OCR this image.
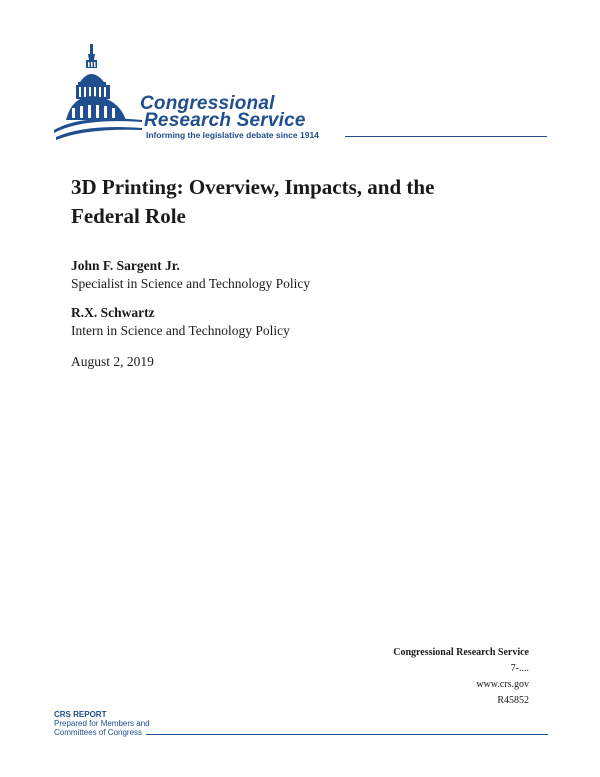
Congressional
Research Service
Informing the legislative debate since 1914
3D Printing: Overview, Impacts, and the
Federal Role
John F. Sargent Jr.
Specialist in Science and Technology Policy
R.X. Schwartz
Intern in Science and Technology Policy
August 2, 2019
Congressional Research Service
7-....
www.crs.gov
R45852
CRS REPORT
Prepared for Members and
Committees of Congress
